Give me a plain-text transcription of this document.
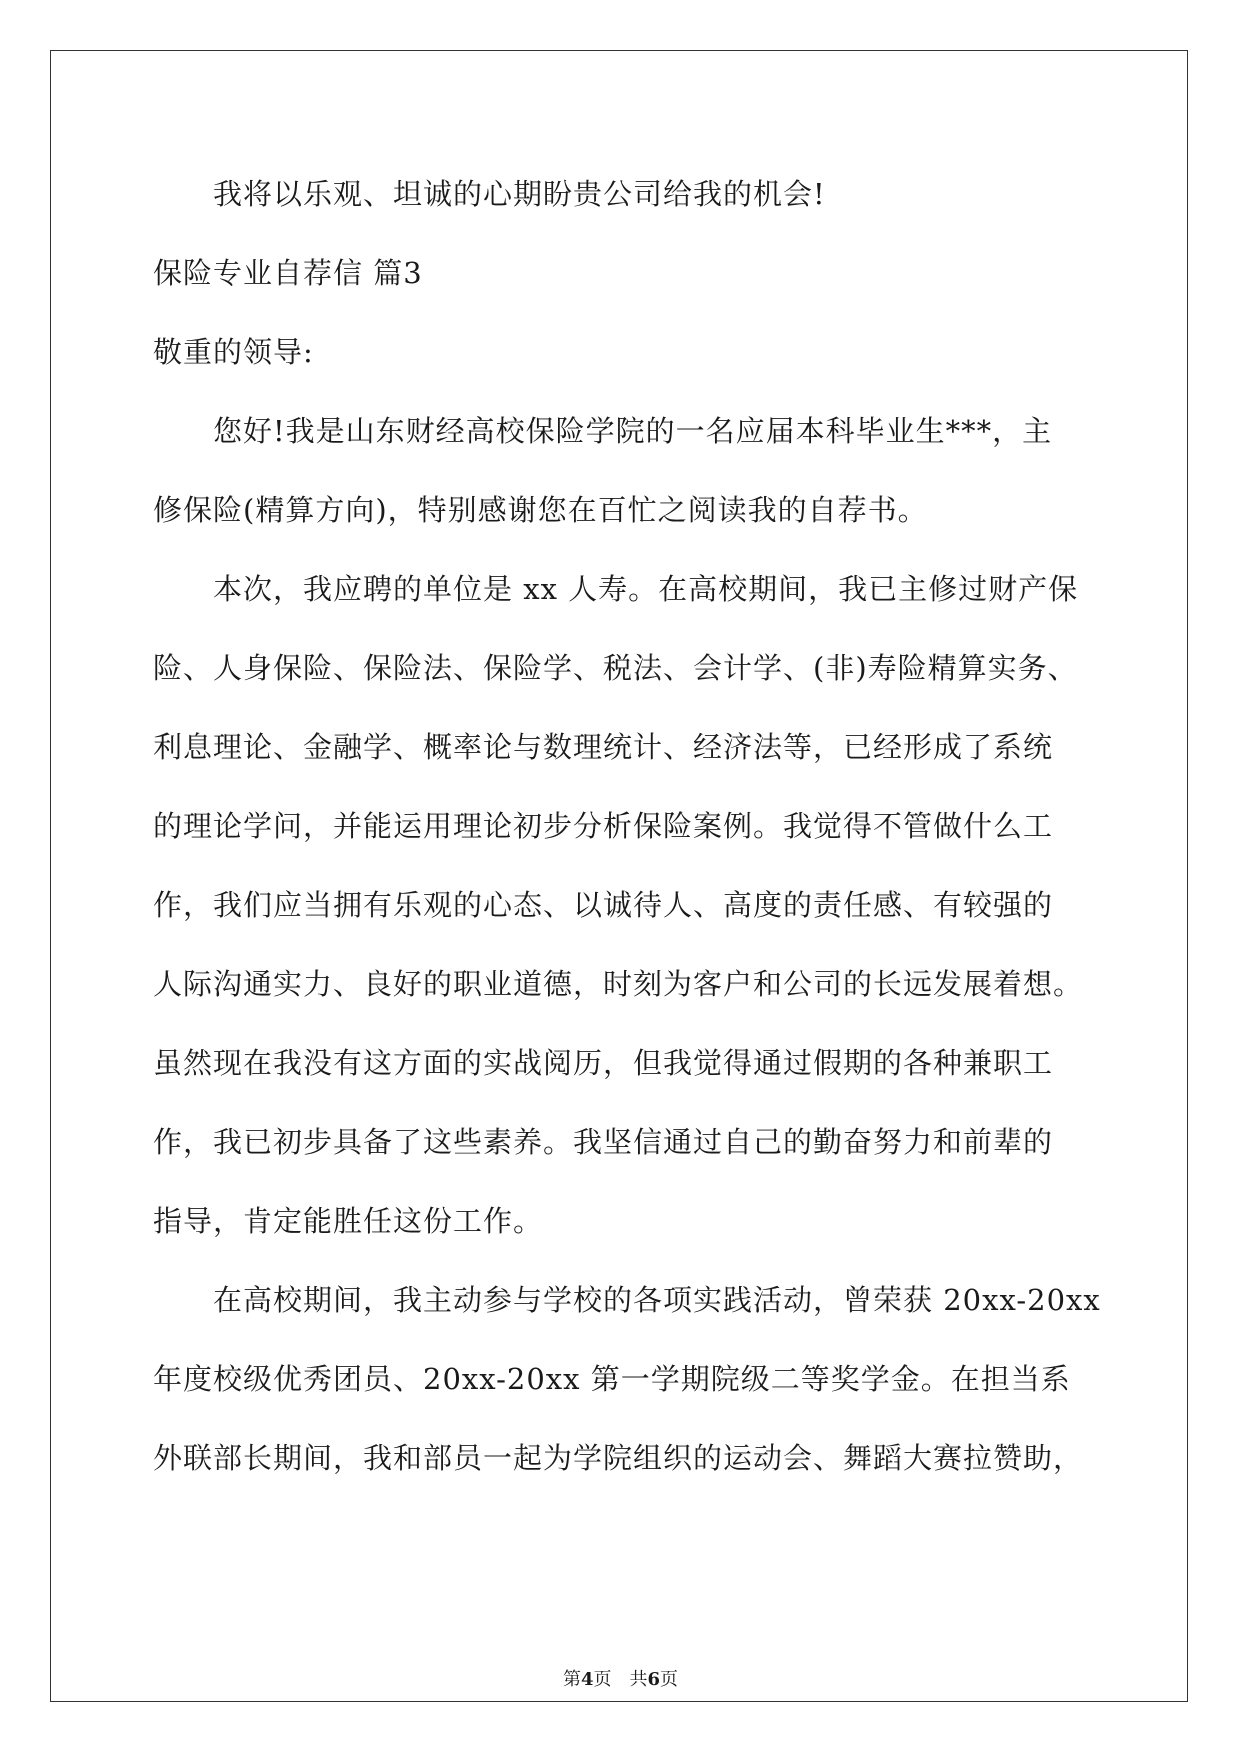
我将以乐观、坦诚的心期盼贵公司给我的机会!
保险专业自荐信 篇3
敬重的领导:
您好!我是山东财经高校保险学院的一名应届本科毕业生***，主
修保险(精算方向)，特别感谢您在百忙之阅读我的自荐书。
本次，我应聘的单位是 xx 人寿。在高校期间，我已主修过财产保
险、人身保险、保险法、保险学、税法、会计学、(非)寿险精算实务、
利息理论、金融学、概率论与数理统计、经济法等，已经形成了系统
的理论学问，并能运用理论初步分析保险案例。我觉得不管做什么工
作，我们应当拥有乐观的心态、以诚待人、高度的责任感、有较强的
人际沟通实力、良好的职业道德，时刻为客户和公司的长远发展着想。
虽然现在我没有这方面的实战阅历，但我觉得通过假期的各种兼职工
作，我已初步具备了这些素养。我坚信通过自己的勤奋努力和前辈的
指导，肯定能胜任这份工作。
在高校期间，我主动参与学校的各项实践活动，曾荣获 20xx-20xx
年度校级优秀团员、20xx-20xx 第一学期院级二等奖学金。在担当系
外联部长期间，我和部员一起为学院组织的运动会、舞蹈大赛拉赞助，
第4页 共6页
